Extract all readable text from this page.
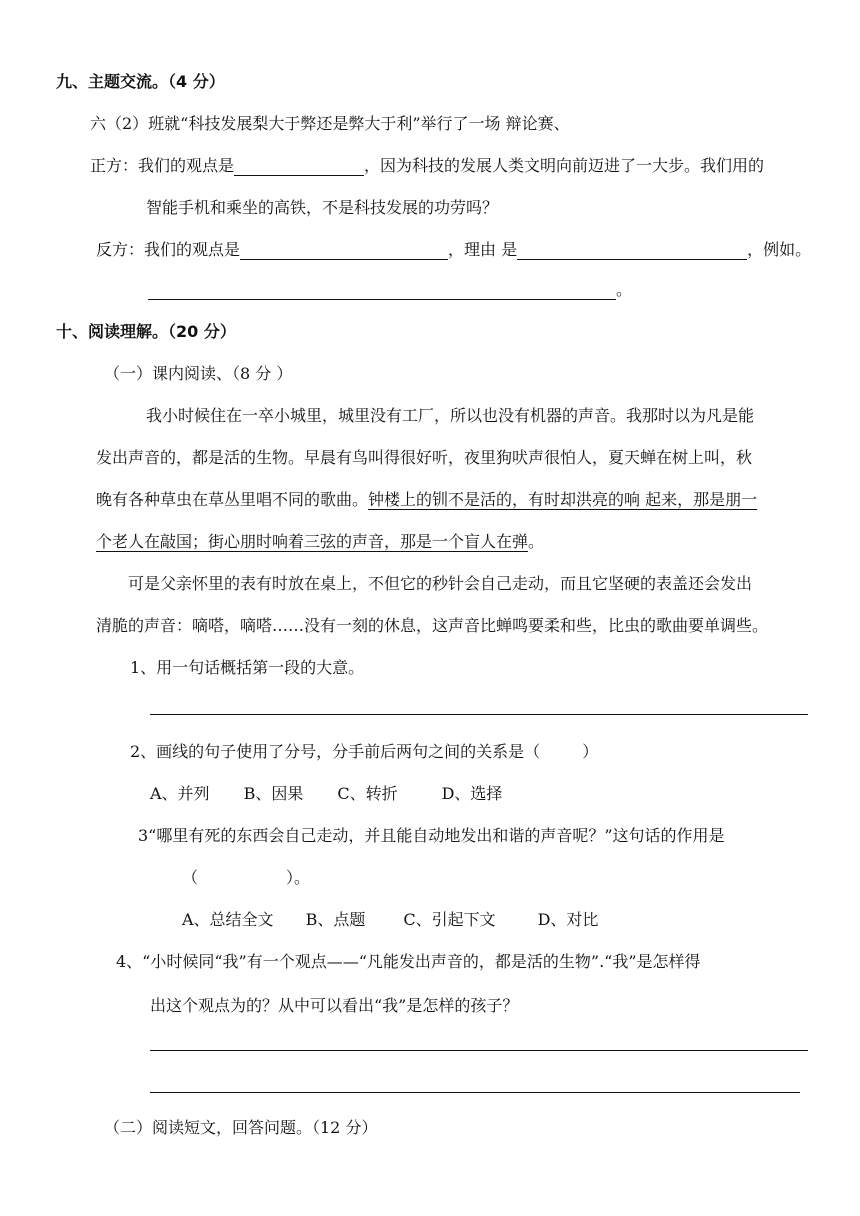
九、主题交流。（4 分）
六（2）班就“科技发展梨大于弊还是弊大于利”举行了一场 辩论赛、
正方：我们的观点是	，因为科技的发展人类文明向前迈进了一大步。我们用的
智能手机和乘坐的高铁，不是科技发展的功劳吗？
反方：我们的观点是	，理由 是	，例如。
。
十、阅读理解。（20 分）
（一）课内阅读、（8 分 ）
我小时候住在一卒小城里，城里没有工厂，所以也没有机器的声音。我那时以为凡是能
发出声音的，都是活的生物。早晨有鸟叫得很好听，夜里狗吠声很怕人，夏天蝉在树上叫，秋
晚有各种草虫在草丛里唱不同的歌曲。钟楼上的钏不是活的，有时却洪亮的响 起来，那是朋一
个老人在敲国；街心朋时响着三弦的声音，那是一个盲人在弹。
可是父亲怀里的表有时放在桌上，不但它的秒针会自己走动，而且它坚硬的表盖还会发出
清脆的声音：嘀嗒，嘀嗒……没有一刻的休息，这声音比蝉鸣要柔和些，比虫的歌曲要单调些。
1、用一句话概括第一段的大意。
2、画线的句子使用了分号，分手前后两句之间的关系是（	）
A、并列 B、因果 C、转折	D、选择
3“哪里有死的东西会自己走动，并且能自动地发出和谐的声音呢？”这句话的作用是
（	）。
A、总结全文 B、点题 C、引起下文	D、对比
4、“小时候同“我”有一个观点——“凡能发出声音的，都是活的生物”.“我”是怎样得
出这个观点为的？从中可以看出“我”是怎样的孩子？
（二）阅读短文，回答问题。（12 分）
